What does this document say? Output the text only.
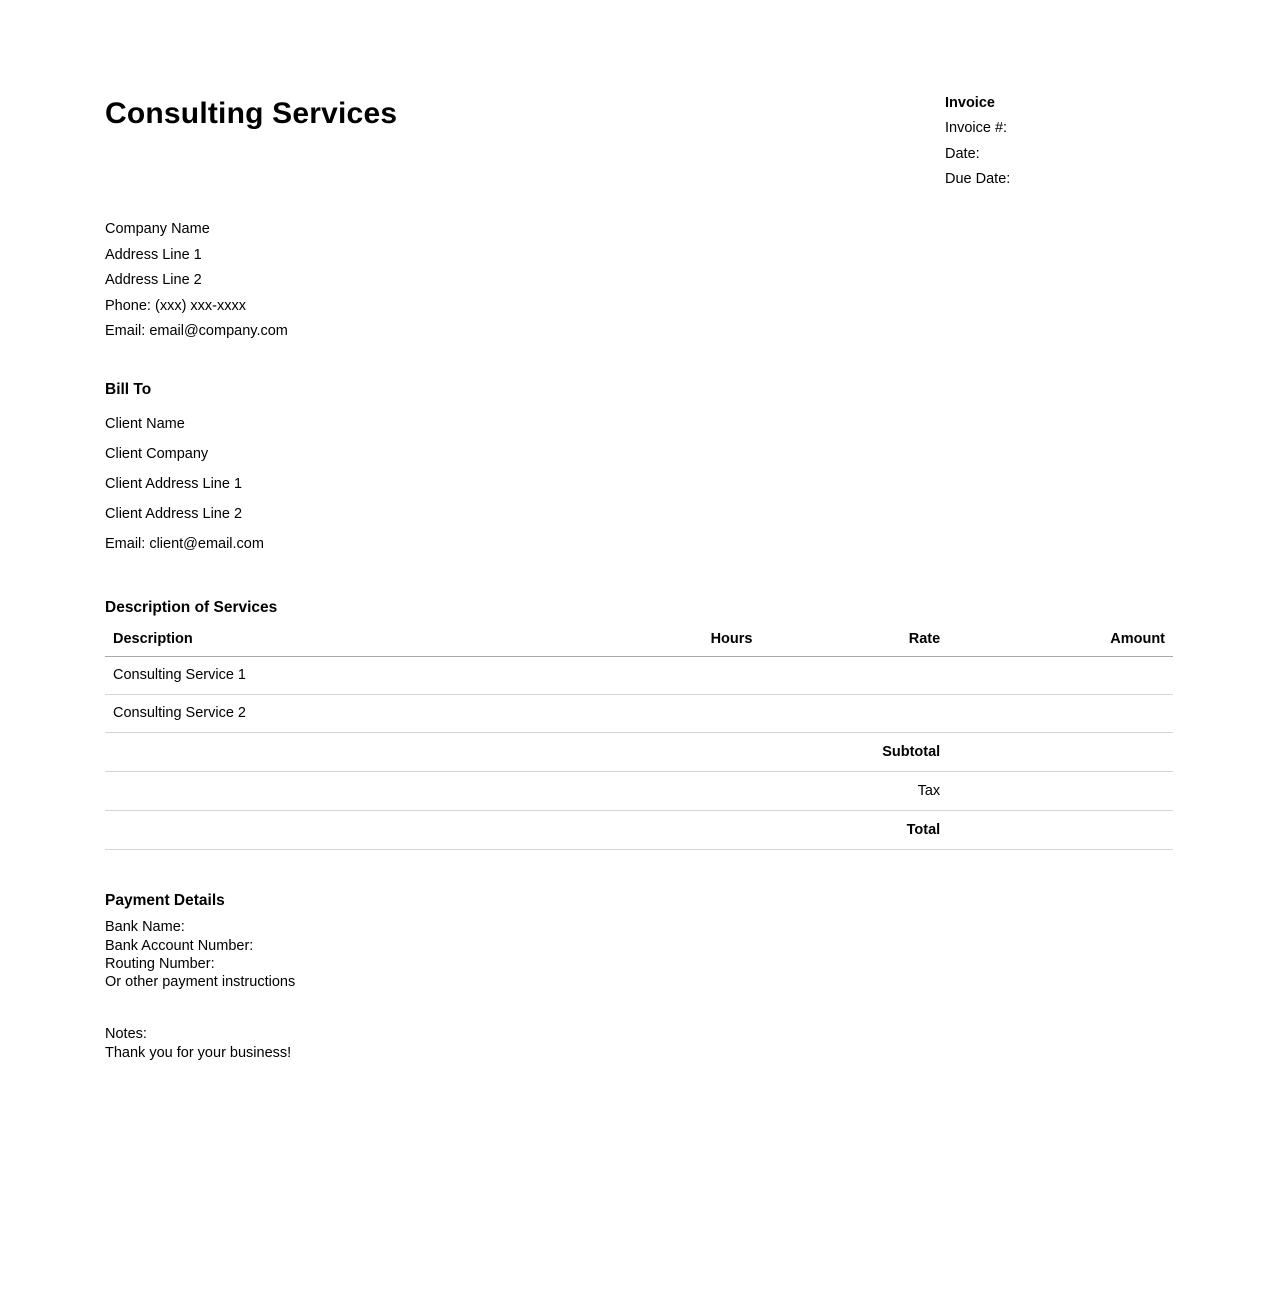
Consulting Services	Invoice
Invoice #:
Date:
Due Date:
Company Name
Address Line 1
Address Line 2
Phone: (xxx) xxx-xxxx
Email: email@company.com
Bill To
Client Name
Client Company
Client Address Line 1
Client Address Line 2
Email: client@email.com
Description of Services
Description	Hours	Rate	Amount
Consulting Service 1			
Consulting Service 2			
		Subtotal	
		Tax	
		Total	
Payment Details
Bank Name:
Bank Account Number:
Routing Number:
Or other payment instructions
Notes:
Thank you for your business!
